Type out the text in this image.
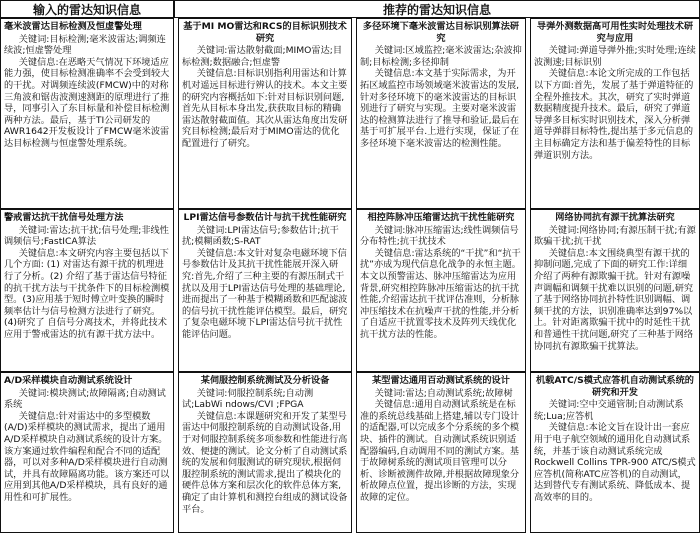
输入的雷达知识信息	推荐的雷达知识信息
毫米波雷达目标检测及恒虚警处理

关键词:目标检测;毫米波雷达;调频连续波;恒虚警处理

关键信息:在恶略天气情况下环境适应能力强，使目标检测准确率不会受到较大的干扰。对调频连续波(FMCW)中的对称三角波和锯齿波测速测距的原理进行了推导，同事引入了东目标量和补偿目标检测两种方法。最后，基于TI公司研发的AWR1642开发板设计了FMCW毫米波雷达目标检测与恒虚警处理系统。

基于MI MO雷达和RCS的目标识别技术研究

关键词:雷达散射截面;MIMO雷达;目标检测;数据融合;恒虚警

关键信息:目标识别指利用雷达和计算机对遥远目标进行辨认的技术。本文主要的研究内容概括如下:针对目标识别问题,首先从目标本身出发,获获取目标的精确雷达散射截面值。其次从雷达角度出发研究目标检测;最后对于MIMO雷达的优化配置进行了研究。

多径环境下毫米波雷达目标识别算法研究

关键词:区域监控;毫米波雷达;杂波抑制;目标检测;多径抑制

关键信息:本文基于实际需求，为开拓区域监控市场领域毫米波雷达的发展,针对多径环境下的毫米波雷达的目标识别进行了研究与实现。主要对毫米波雷达的检测算法进行了推导和验证,最后在基于可扩展平台.上进行实现，保证了在多径环境下毫米波雷达的检测性能。

导弹外测数据高可用性实时处理技术研究与应用

关键词:弹道导弹外推;实时处理;连续波测速;目标识别

关键信息:本论文所完成的工作包括以下方面:首先，发展了基于弹道特征的全程外推技术。其次，研究了实时弹道数据精度提升技术。最后，研究了弹道导弹多目标实时识别技术，深入分析弹道导弹群目标特性,提出基于多元信息的主目标确定方法和基于偏差特性的目标弹道识别方法。

警戒雷达抗干扰信号处理方法

关键词:雷达;抗干扰;信号处理;非线性调频信号;FastICA算法

关键信息:本文研究内容主要包括以下几个方面: (1) 对雷达有源干扰的机理进行了分析。(2) 介绍了基于雷达信号特征的抗干扰方法与干扰条件下的目标检测模型。(3)应用基于短时傅立叶变换的瞬时频率估计与信号检测方法进行了研究。(4)研究了 自信号分离技术，并将此技术应用于警戒雷达的抗有源干扰方法中。

LPI雷达信号参数估计与抗干扰性能研究

关键词:LPI雷达信号;参数估计;抗干扰;模糊函数;S-RAT

关键信息:本文针对复杂电磁环境下信号参数估计及其抗干扰性能展开深入研究:首先,介绍了三种主要的有源压制式干扰以及用于LPI雷达信号处理的基础理论,进而提出了一种基于模糊函数和匹配滤波的信号抗干扰性能评估模型。最后，研究了复杂电磁环境下LPI雷达信号抗干扰性能评估问题。

相控阵脉冲压缩雷达抗干扰性能研究

关键词:脉冲压缩雷达;线性调频信号分布特性;抗干扰技术

关键信息:雷达系统的“干扰”和“抗干扰”亦成为现代信息化战争的永恒主题。本文以预警雷达、脉冲压缩雷达为应用背景,研究相控阵脉冲压缩雷达的抗干扰性能,介绍雷达抗干扰评估准则，分析脉冲压缩技术在抗噪声干扰的性能,并分析了自适应干扰置零技术及阵列天线优化抗干扰方法的性能。

网络协同抗有源干扰算法研究

关键词:网络协同;有源压制干扰;有源欺骗干扰;抗干扰

关键信息:本文围绕典型有源干扰的抑制问题,完成了下面的研究工作:详细介绍了两种有源欺骗干扰。针对有源噪声调幅和调频干扰难以识别的问题,研究了基于网络协同抗扑特性识别调幅、调频干扰的方法，识别准确率达到97%以上。针对距离欺骗干扰中的时延性干扰和普通性干扰问题,研究了三种基于网络协同抗有源欺骗干扰算法。

A/D采样模块自动测试系统设计

关键词:模块测试;故障隔离;自动测试系统

关键信息:针对雷达中的多型模数(A/D)采样模块的测试需求，提出了通用A/D采样模块自动测试系统的设计方案。该方案通过软件编程和配合不同的适配器，可以对多种A/D采样模块进行自动测试，并具有故障隔离功能。该方案还可以应用到其他A/D采样模块，具有良好的通用性和可扩展性。

某伺服控制系统测试及分析设备

关键词:伺服控制系统;自动测试;LabWi ndows/CVI ;FPGA

关键信息:本课题研究和开发了某型号雷达中伺服控制系统的自动测试设备,用于对伺服控制系统多项参数和性能进行高效、便捷的测试。论文分析了自动测试系统的发展和伺服测试的研究现状,根据伺服控制系统的测试需求,提出了模块化的硬件总体方案和层次化的软件总体方案,确定了由计算机和测控台组成的测试设备平台。

某型雷达通用百动测试系统的设计

关键词:雷达;自动测试系统;故障树

关键信息:通用自动测试系统是在标准的系统总线基础上搭建,辅以专门设计的适配器,可以完成多个分系统的多个模块、插件的测试。自动测试系统识别适配器编码,自动调用不同的测试方案。基于故障树系统的测试项目管理可以分析、诊断被测件故障,并根据故障现象分析故障点位置，提出诊断的方法，实现故障的定位。

机载ATC/S模式应答机自动测试系统的研究和开发

关键词:空中交通管制;自动测试系统;Lua;应答机

关键信息:本论文旨在设计出一套应用于电子航空领域的通用化自动测试系统，并基于该自动测试系统完成Rockwell Collins TPR-900 ATC/S模式应答机(简称ATC应答机)的自动测试，达到替代专有测试系统、降低成本、提高效率的目的。
